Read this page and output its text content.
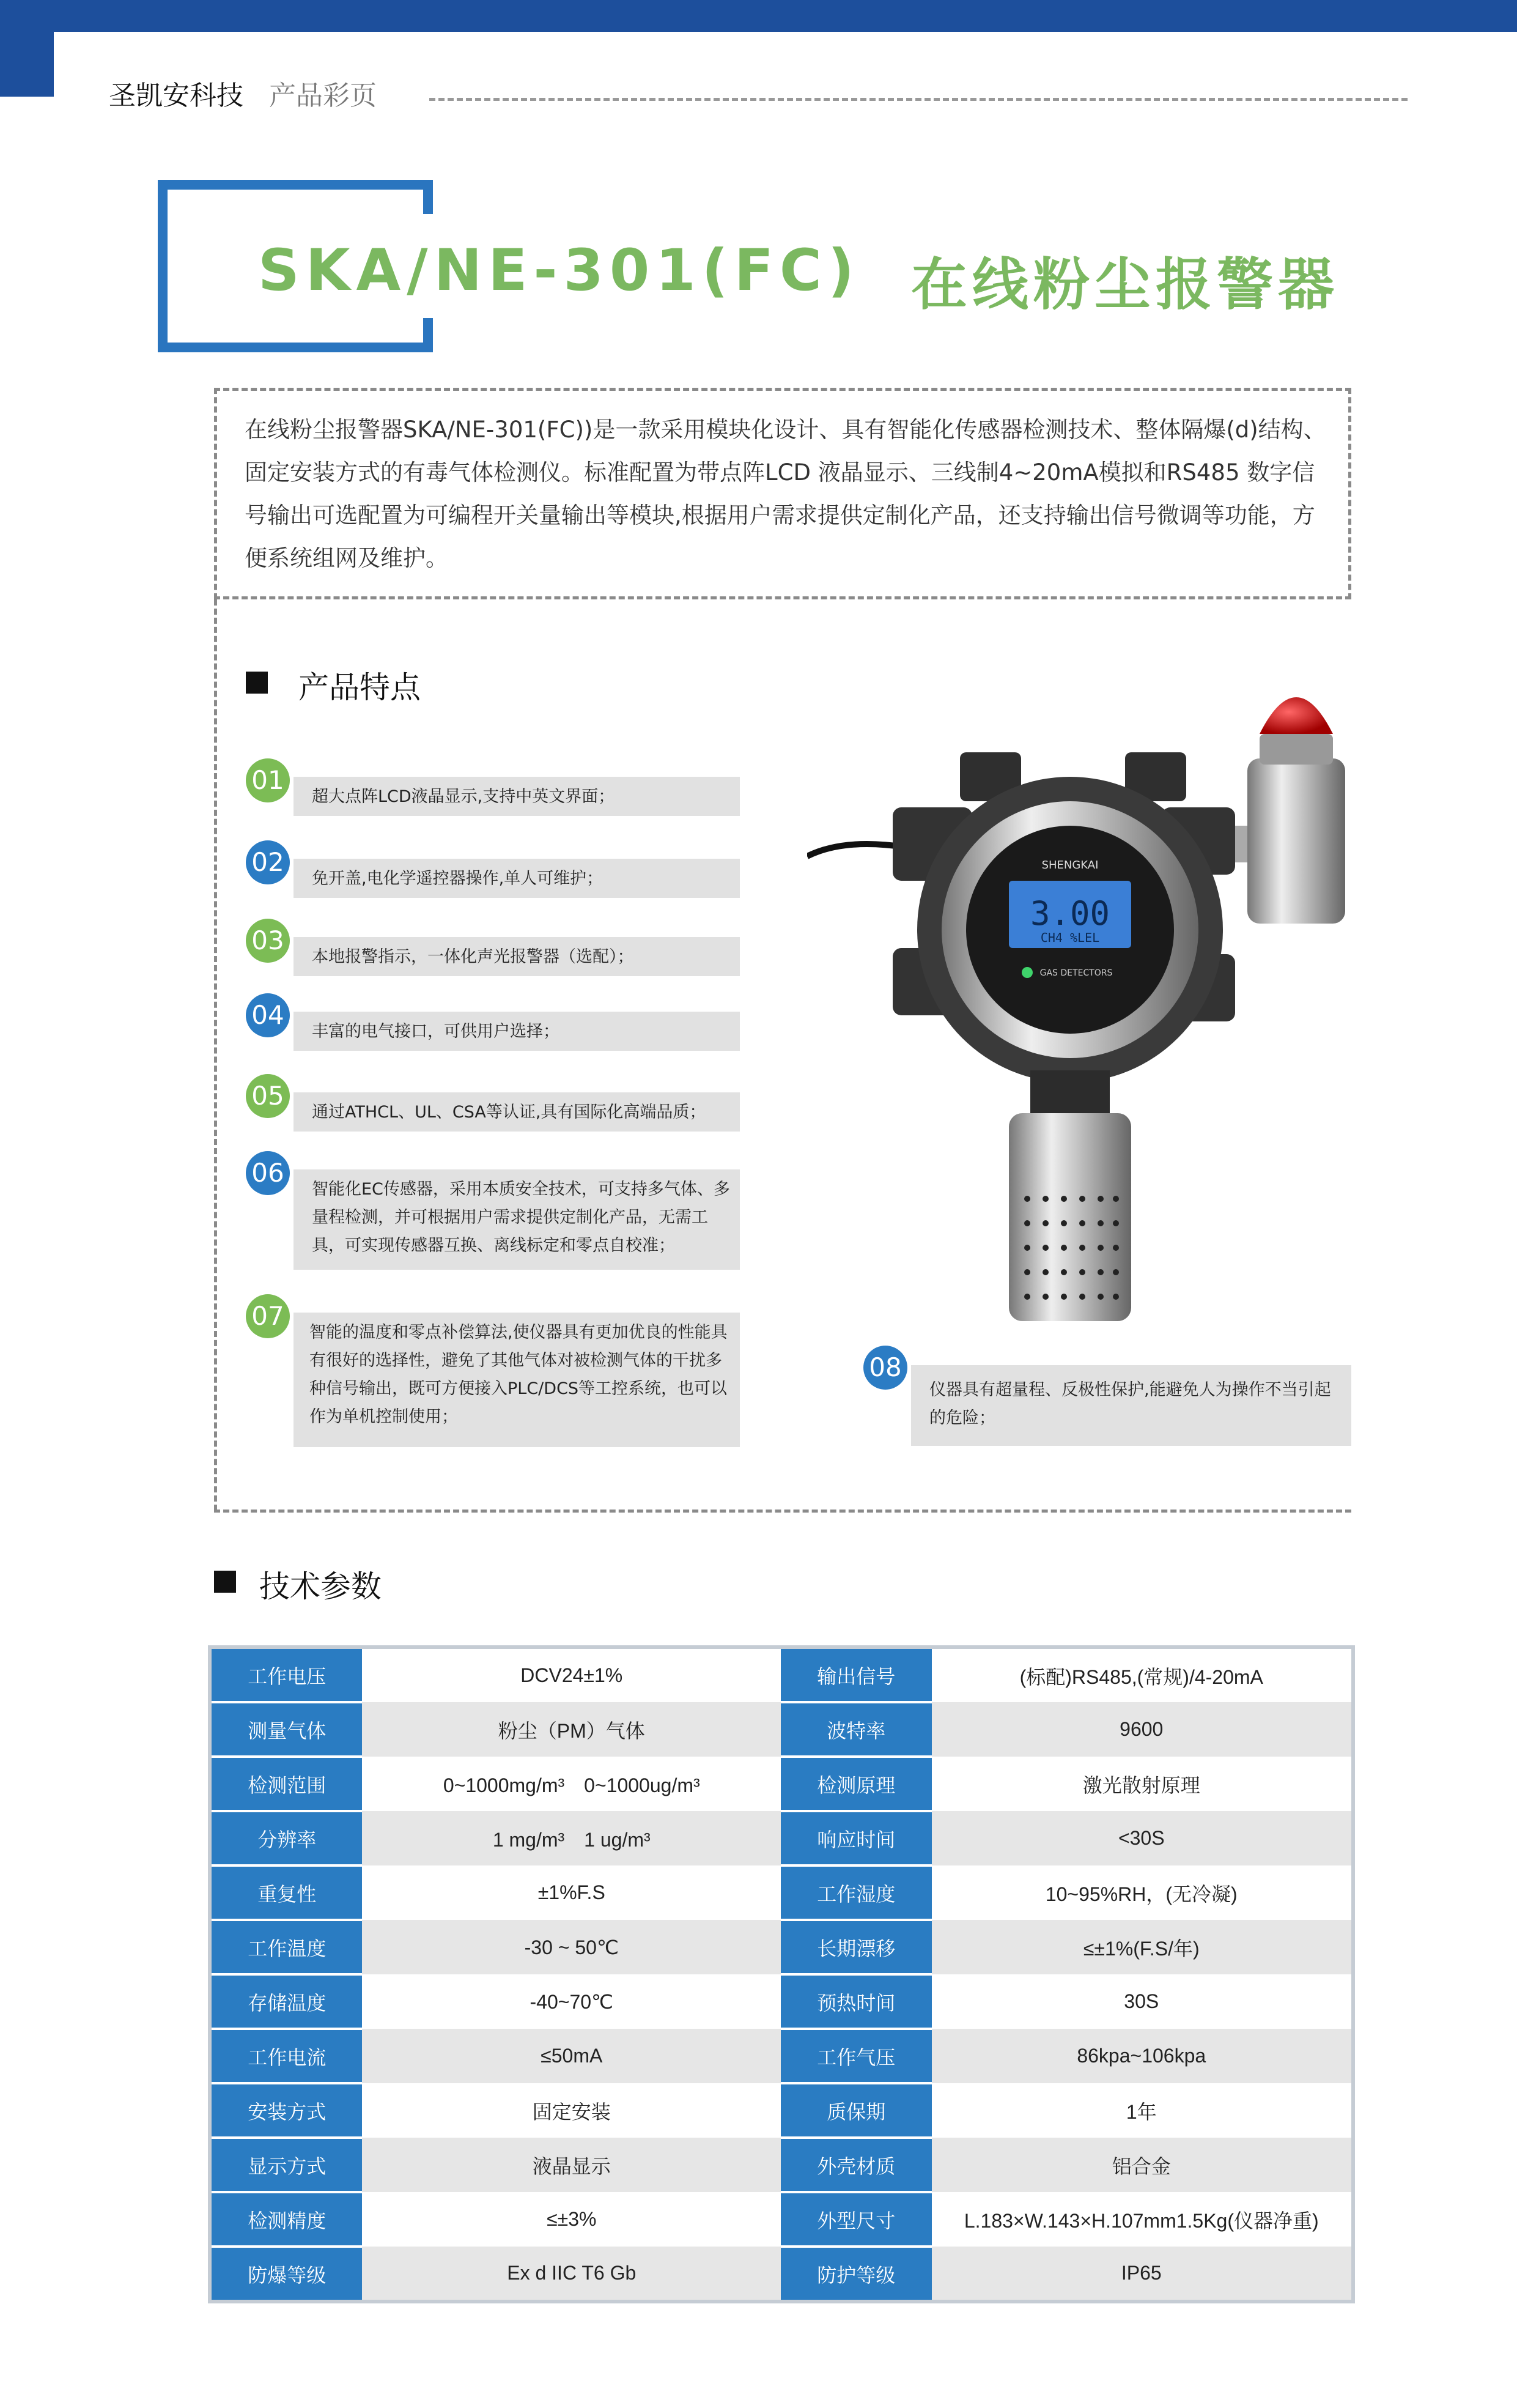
圣凯安科技 产品彩页
SKA/NE-301(FC) 在线粉尘报警器
在线粉尘报警器SKA/NE-301(FC))是一款采用模块化设计、具有智能化传感器检测技术、整体隔爆(d)结构、固定安装方式的有毒气体检测仪。标准配置为带点阵LCD 液晶显示、三线制4~20mA模拟和RS485 数字信号输出可选配置为可编程开关量输出等模块,根据用户需求提供定制化产品，还支持输出信号微调等功能，方便系统组网及维护。
产品特点
01
超大点阵LCD液晶显示,支持中英文界面；
02
免开盖,电化学遥控器操作,单人可维护；
03
本地报警指示，一体化声光报警器（选配）；
04
丰富的电气接口，可供用户选择；
05
通过ATHCL、UL、CSA等认证,具有国际化高端品质；
06
智能化EC传感器，采用本质安全技术，可支持多气体、多量程检测，并可根据用户需求提供定制化产品，无需工具，可实现传感器互换、离线标定和零点自校准；
07
智能的温度和零点补偿算法,使仪器具有更加优良的性能具有很好的选择性，避免了其他气体对被检测气体的干扰多种信号输出，既可方便接入PLC/DCS等工控系统，也可以作为单机控制使用；
08
仪器具有超量程、反极性保护,能避免人为操作不当引起的危险；
3.00
CH4 %LEL
SHENGKAI
GAS DETECTORS
技术参数
工作电压	DCV24±1%	输出信号	(标配)RS485,(常规)/4-20mA
测量气体	粉尘（PM）气体	波特率	9600
检测范围	0~1000mg/m³　0~1000ug/m³	检测原理	激光散射原理
分辨率	1 mg/m³　1 ug/m³	响应时间	<30S
重复性	±1%F.S	工作湿度	10~95%RH，(无冷凝)
工作温度	-30 ~ 50℃	长期漂移	≤±1%(F.S/年)
存储温度	-40~70℃	预热时间	30S
工作电流	≤50mA	工作气压	86kpa~106kpa
安装方式	固定安装	质保期	1年
显示方式	液晶显示	外壳材质	铝合金
检测精度	≤±3%	外型尺寸	L.183×W.143×H.107mm1.5Kg(仪器净重)
防爆等级	Ex d IIC T6 Gb	防护等级	IP65
